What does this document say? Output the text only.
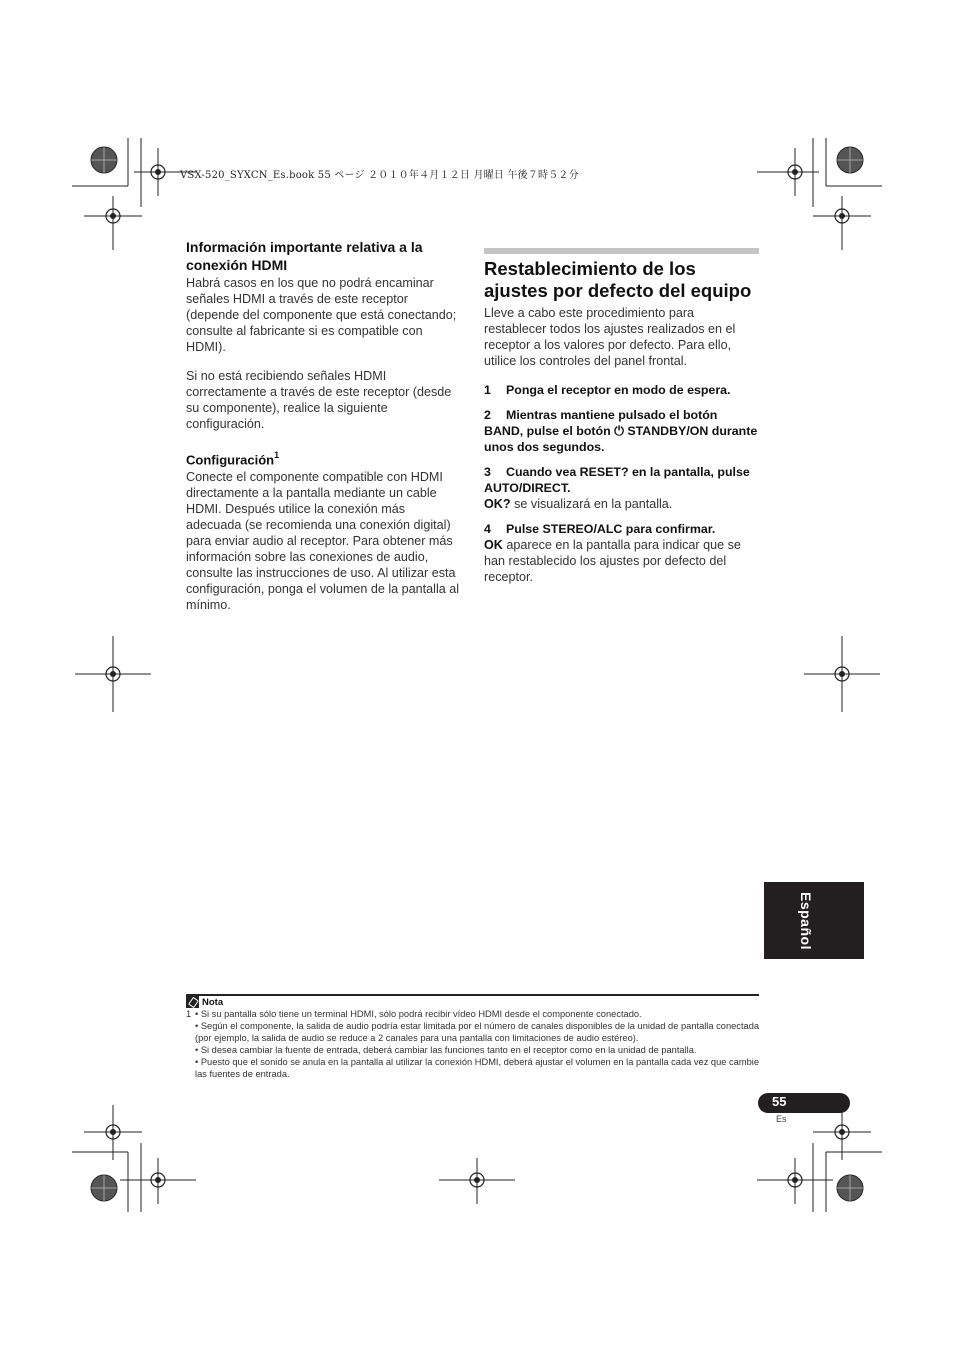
VSX-520_SYXCN_Es.book 55 ページ ２０１０年４月１２日 月曜日 午後７時５２分
Información importante relativa a la conexión HDMI

Habrá casos en los que no podrá encaminar señales HDMI a través de este receptor (depende del componente que está conectando; consulte al fabricante si es compatible con HDMI).

Si no está recibiendo señales HDMI correctamente a través de este receptor (desde su componente), realice la siguiente configuración.

Configuración$^1$

Conecte el componente compatible con HDMI directamente a la pantalla mediante un cable HDMI. Después utilice la conexión más adecuada (se recomienda una conexión digital) para enviar audio al receptor. Para obtener más información sobre las conexiones de audio, consulte las instrucciones de uso. Al utilizar esta configuración, ponga el volumen de la pantalla al mínimo.

Restablecimiento de los ajustes por defecto del equipo

Lleve a cabo este procedimiento para restablecer todos los ajustes realizados en el receptor a los valores por defecto. Para ello, utilice los controles del panel frontal.

1 Ponga el receptor en modo de espera.

2 Mientras mantiene pulsado el botón BAND, pulse el botón ⏻ STANDBY/ON durante unos dos segundos.

3 Cuando vea RESET? en la pantalla, pulse AUTO/DIRECT.

OK? se visualizará en la pantalla.

4 Pulse STEREO/ALC para confirmar.

OK aparece en la pantalla para indicar que se han restablecido los ajustes por defecto del receptor.

Español
Nota
1 • Si su pantalla sólo tiene un terminal HDMI, sólo podrá recibir vídeo HDMI desde el componente conectado.
• Según el componente, la salida de audio podría estar limitada por el número de canales disponibles de la unidad de pantalla conectada (por ejemplo, la salida de audio se reduce a 2 canales para una pantalla con limitaciones de audio estéreo).
• Si desea cambiar la fuente de entrada, deberá cambiar las funciones tanto en el receptor como en la unidad de pantalla.
• Puesto que el sonido se anula en la pantalla al utilizar la conexión HDMI, deberá ajustar el volumen en la pantalla cada vez que cambie las fuentes de entrada.
55
Es
